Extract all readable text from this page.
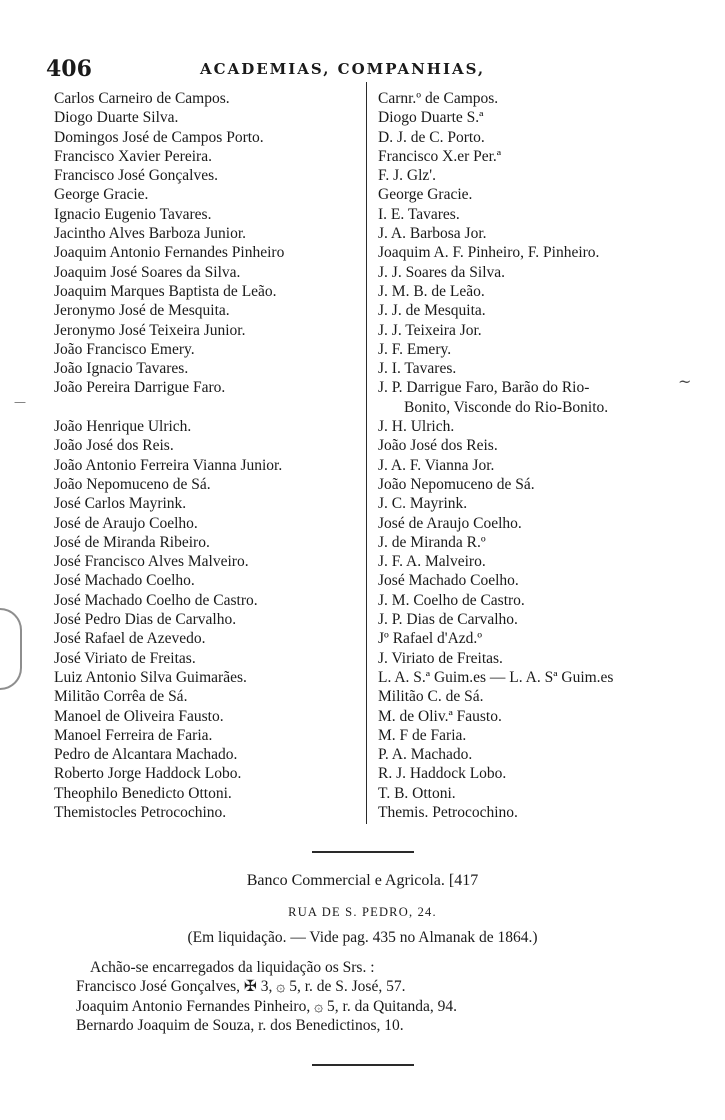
406	ACADEMIAS, COMPANHIAS,
Carlos Carneiro de Campos.
Diogo Duarte Silva.
Domingos José de Campos Porto.
Francisco Xavier Pereira.
Francisco José Gonçalves.
George Gracie.
Ignacio Eugenio Tavares.
Jacintho Alves Barboza Junior.
Joaquim Antonio Fernandes Pinheiro
Joaquim José Soares da Silva.
Joaquim Marques Baptista de Leão.
Jeronymo José de Mesquita.
Jeronymo José Teixeira Junior.
João Francisco Emery.
João Ignacio Tavares.
João Pereira Darrigue Faro.
João Henrique Ulrich.
João José dos Reis.
João Antonio Ferreira Vianna Junior.
João Nepomuceno de Sá.
José Carlos Mayrink.
José de Araujo Coelho.
José de Miranda Ribeiro.
José Francisco Alves Malveiro.
José Machado Coelho.
José Machado Coelho de Castro.
José Pedro Dias de Carvalho.
José Rafael de Azevedo.
José Viriato de Freitas.
Luiz Antonio Silva Guimarães.
Militão Corrêa de Sá.
Manoel de Oliveira Fausto.
Manoel Ferreira de Faria.
Pedro de Alcantara Machado.
Roberto Jorge Haddock Lobo.
Theophilo Benedicto Ottoni.
Themistocles Petrocochino.
Carnr.º de Campos.
Diogo Duarte S.ª
D. J. de C. Porto.
Francisco X.er Per.ª
F. J. Glz'.
George Gracie.
I. E. Tavares.
J. A. Barbosa Jor.
Joaquim A. F. Pinheiro, F. Pinheiro.
J. J. Soares da Silva.
J. M. B. de Leão.
J. J. de Mesquita.
J. J. Teixeira Jor.
J. F. Emery.
J. I. Tavares.
J. P. Darrigue Faro, Barão do Rio-
Bonito, Visconde do Rio-Bonito.
J. H. Ulrich.
João José dos Reis.
J. A. F. Vianna Jor.
João Nepomuceno de Sá.
J. C. Mayrink.
José de Araujo Coelho.
J. de Miranda R.º
J. F. A. Malveiro.
José Machado Coelho.
J. M. Coelho de Castro.
J. P. Dias de Carvalho.
Jº Rafael d'Azd.º
J. Viriato de Freitas.
L. A. S.ª Guim.es — L. A. Sª Guim.es
Militão C. de Sá.
M. de Oliv.ª Fausto.
M. F de Faria.
P. A. Machado.
R. J. Haddock Lobo.
T. B. Ottoni.
Themis. Petrocochino.
~
—
Banco Commercial e Agricola. [417
RUA DE S. PEDRO, 24.
(Em liquidação. — Vide pag. 435 no Almanak de 1864.)
Achão-se encarregados da liquidação os Srs. :
Francisco José Gonçalves, ✠ 3, ۞ 5, r. de S. José, 57.
Joaquim Antonio Fernandes Pinheiro, ۞ 5, r. da Quitanda, 94.
Bernardo Joaquim de Souza, r. dos Benedictinos, 10.
